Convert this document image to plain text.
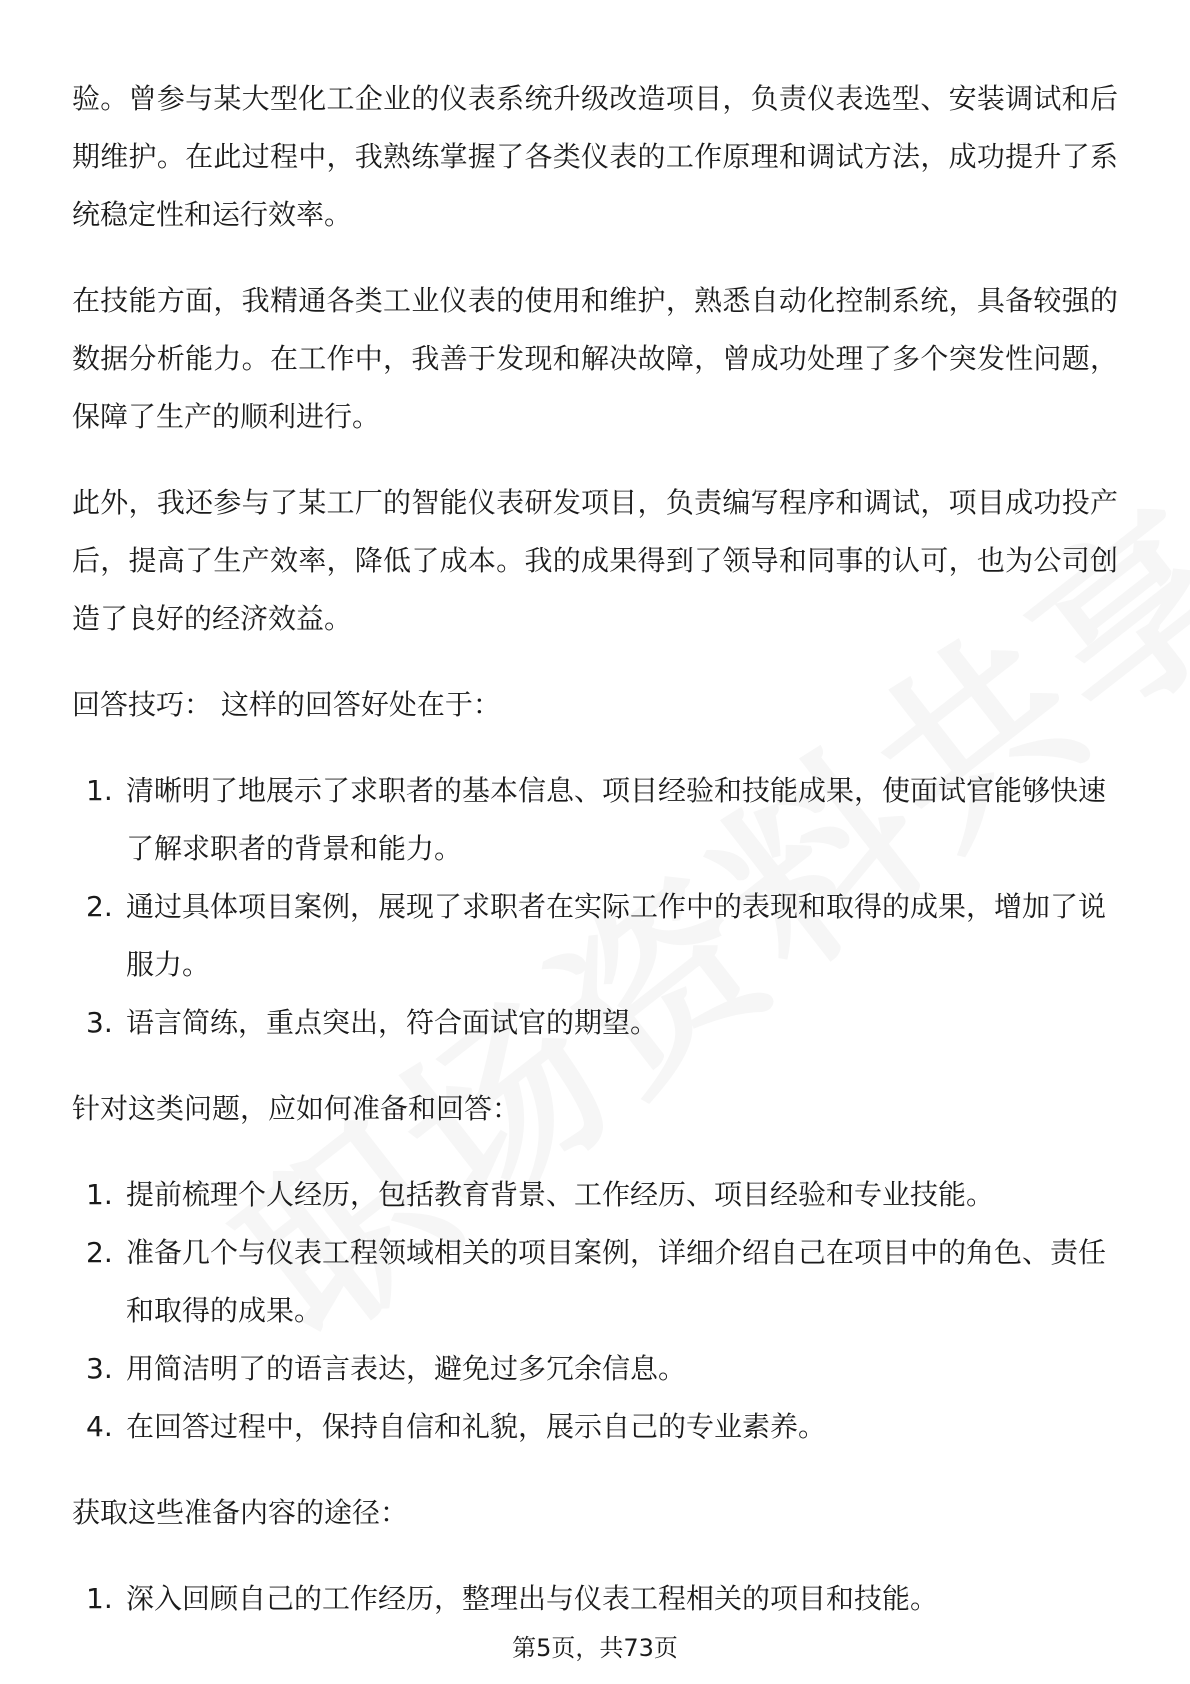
验。曾参与某大型化工企业的仪表系统升级改造项目，负责仪表选型、安装调试和后期维护。在此过程中，我熟练掌握了各类仪表的工作原理和调试方法，成功提升了系统稳定性和运行效率。

在技能方面，我精通各类工业仪表的使用和维护，熟悉自动化控制系统，具备较强的数据分析能力。在工作中，我善于发现和解决故障，曾成功处理了多个突发性问题，保障了生产的顺利进行。

此外，我还参与了某工厂的智能仪表研发项目，负责编写程序和调试，项目成功投产后，提高了生产效率，降低了成本。我的成果得到了领导和同事的认可，也为公司创造了良好的经济效益。

回答技巧： 这样的回答好处在于：

1. 清晰明了地展示了求职者的基本信息、项目经验和技能成果，使面试官能够快速了解求职者的背景和能力。
2. 通过具体项目案例，展现了求职者在实际工作中的表现和取得的成果，增加了说服力。
3. 语言简练，重点突出，符合面试官的期望。

针对这类问题，应如何准备和回答：

1. 提前梳理个人经历，包括教育背景、工作经历、项目经验和专业技能。
2. 准备几个与仪表工程领域相关的项目案例，详细介绍自己在项目中的角色、责任和取得的成果。
3. 用简洁明了的语言表达，避免过多冗余信息。
4. 在回答过程中，保持自信和礼貌，展示自己的专业素养。

获取这些准备内容的途径：

1. 深入回顾自己的工作经历，整理出与仪表工程相关的项目和技能。
第5页，共73页
